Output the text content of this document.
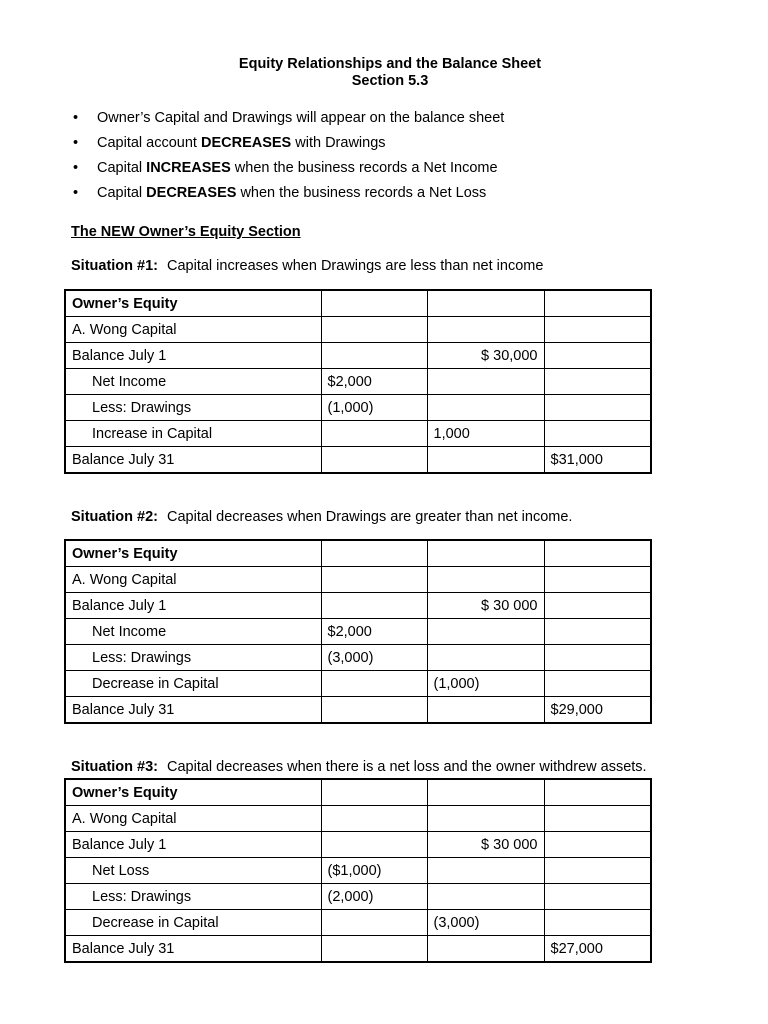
Equity Relationships and the Balance Sheet
Section 5.3
• Owner’s Capital and Drawings will appear on the balance sheet
• Capital account DECREASES with Drawings
• Capital INCREASES when the business records a Net Income
• Capital DECREASES when the business records a Net Loss
The NEW Owner’s Equity Section
Situation #1: Capital increases when Drawings are less than net income
Owner’s Equity			
A. Wong Capital			
Balance July 1		$ 30,000	
Net Income	$2,000		
Less: Drawings	(1,000)		
Increase in Capital		1,000	
Balance July 31			$31,000
Situation #2: Capital decreases when Drawings are greater than net income.
Owner’s Equity			
A. Wong Capital			
Balance July 1		$ 30 000	
Net Income	$2,000		
Less: Drawings	(3,000)		
Decrease in Capital		(1,000)	
Balance July 31			$29,000
Situation #3: Capital decreases when there is a net loss and the owner withdrew assets.
Owner’s Equity			
A. Wong Capital			
Balance July 1		$ 30 000	
Net Loss	($1,000)		
Less: Drawings	(2,000)		
Decrease in Capital		(3,000)	
Balance July 31			$27,000
